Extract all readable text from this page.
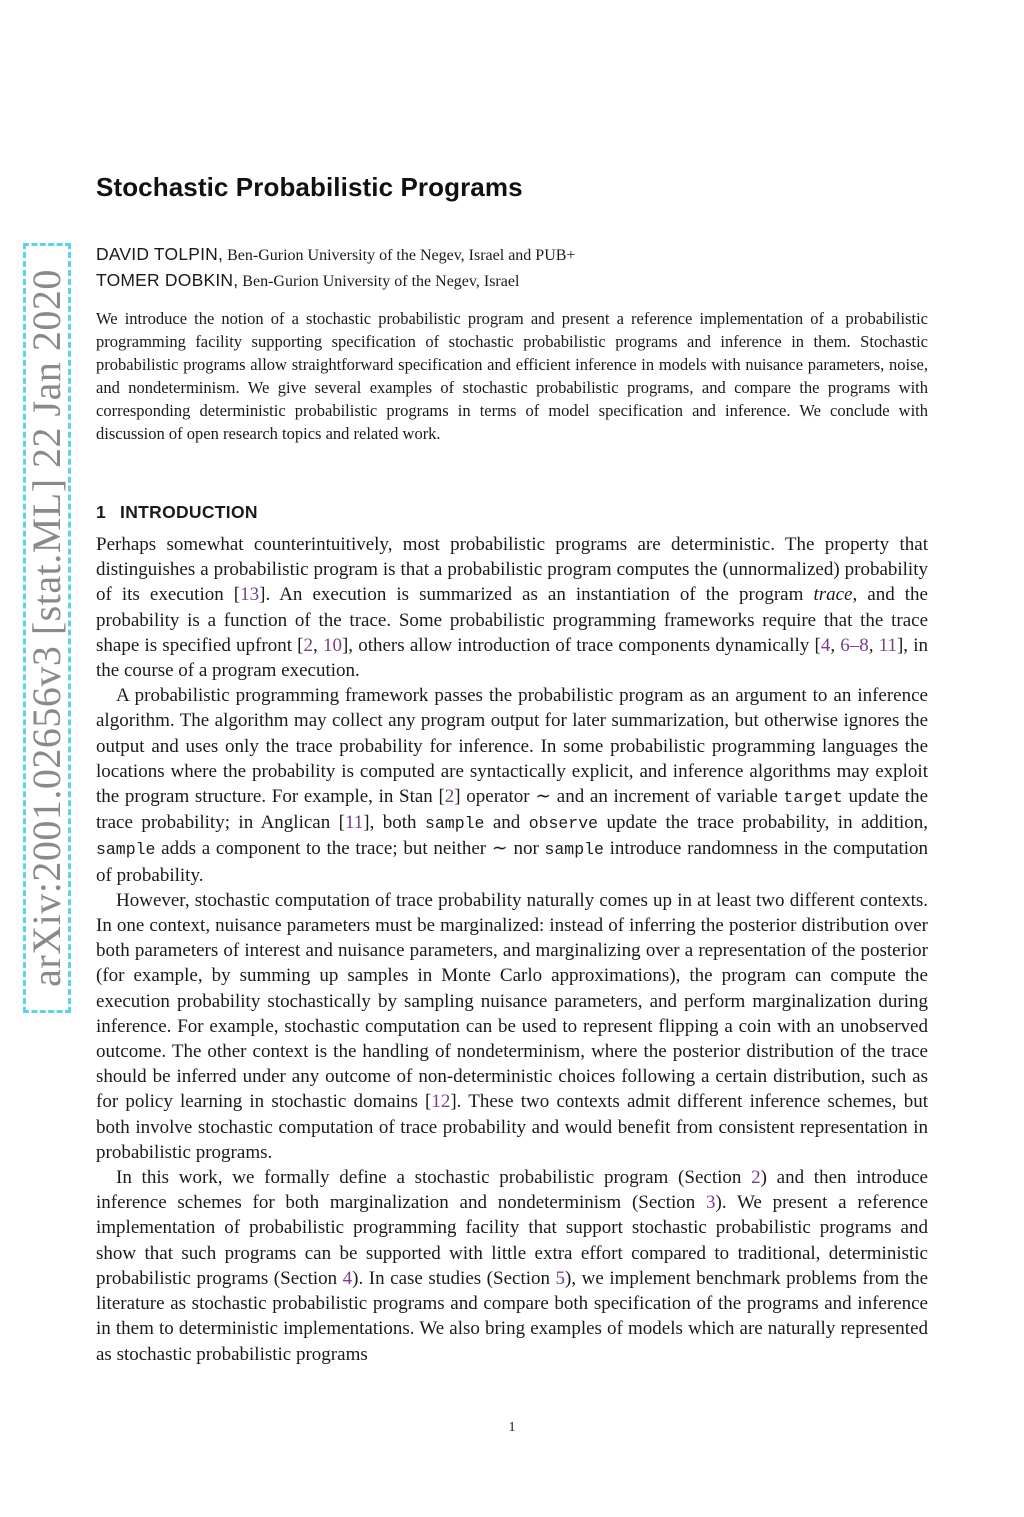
arXiv:2001.02656v3 [stat.ML] 22 Jan 2020
Stochastic Probabilistic Programs
DAVID TOLPIN, Ben-Gurion University of the Negev, Israel and PUB+
TOMER DOBKIN, Ben-Gurion University of the Negev, Israel

We introduce the notion of a stochastic probabilistic program and present a reference implementation of a probabilistic programming facility supporting specification of stochastic probabilistic programs and inference in them. Stochastic probabilistic programs allow straightforward specification and efficient inference in models with nuisance parameters, noise, and nondeterminism. We give several examples of stochastic probabilistic programs, and compare the programs with corresponding deterministic probabilistic programs in terms of model specification and inference. We conclude with discussion of open research topics and related work.

1 INTRODUCTION

Perhaps somewhat counterintuitively, most probabilistic programs are deterministic. The property that distinguishes a probabilistic program is that a probabilistic program computes the (unnormalized) probability of its execution [13]. An execution is summarized as an instantiation of the program trace, and the probability is a function of the trace. Some probabilistic programming frameworks require that the trace shape is specified upfront [2, 10], others allow introduction of trace components dynamically [4, 6–8, 11], in the course of a program execution.

A probabilistic programming framework passes the probabilistic program as an argument to an inference algorithm. The algorithm may collect any program output for later summarization, but otherwise ignores the output and uses only the trace probability for inference. In some probabilistic programming languages the locations where the probability is computed are syntactically explicit, and inference algorithms may exploit the program structure. For example, in Stan [2] operator ∼ and an increment of variable target update the trace probability; in Anglican [11], both sample and observe update the trace probability, in addition, sample adds a component to the trace; but neither ∼ nor sample introduce randomness in the computation of probability.

However, stochastic computation of trace probability naturally comes up in at least two different contexts. In one context, nuisance parameters must be marginalized: instead of inferring the posterior distribution over both parameters of interest and nuisance parameters, and marginalizing over a representation of the posterior (for example, by summing up samples in Monte Carlo approximations), the program can compute the execution probability stochastically by sampling nuisance parameters, and perform marginalization during inference. For example, stochastic computation can be used to represent flipping a coin with an unobserved outcome. The other context is the handling of nondeterminism, where the posterior distribution of the trace should be inferred under any outcome of non-deterministic choices following a certain distribution, such as for policy learning in stochastic domains [12]. These two contexts admit different inference schemes, but both involve stochastic computation of trace probability and would benefit from consistent representation in probabilistic programs.

In this work, we formally define a stochastic probabilistic program (Section 2) and then introduce inference schemes for both marginalization and nondeterminism (Section 3). We present a reference implementation of probabilistic programming facility that support stochastic probabilistic programs and show that such programs can be supported with little extra effort compared to traditional, deterministic probabilistic programs (Section 4). In case studies (Section 5), we implement benchmark problems from the literature as stochastic probabilistic programs and compare both specification of the programs and inference in them to deterministic implementations. We also bring examples of models which are naturally represented as stochastic probabilistic programs

1
